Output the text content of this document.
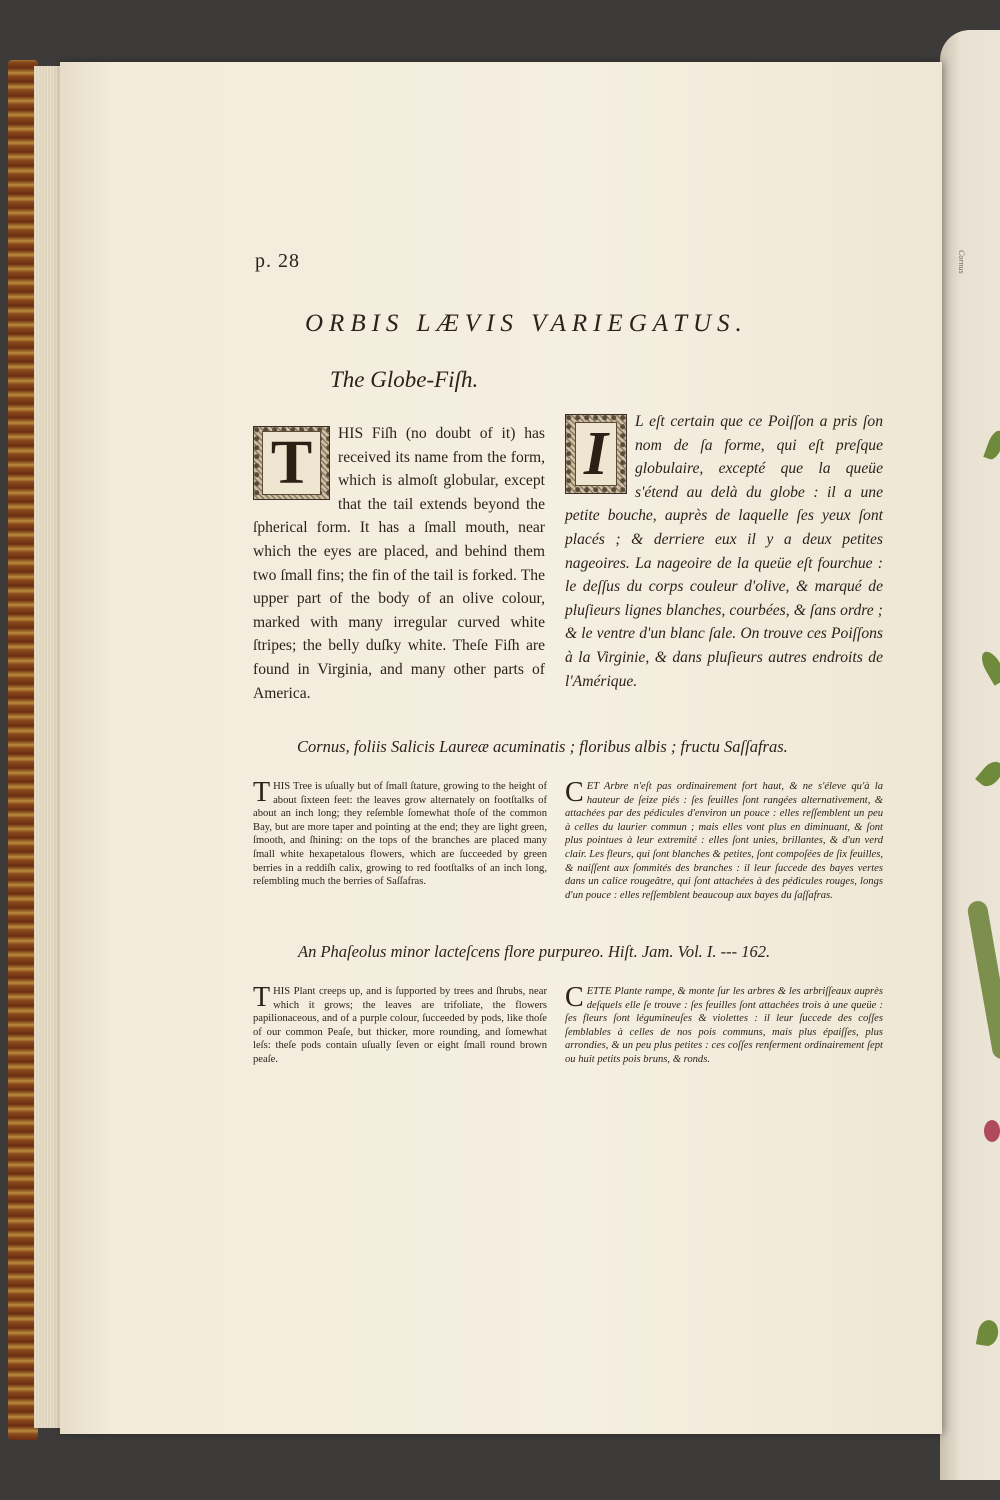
Cornus
p. 28
ORBIS LÆVIS VARIEGATUS.
The Globe-Fiſh.
T	HIS Fiſh (no doubt of it) has received its name from the form, which is almoſt globular, except that the tail extends beyond the ſpherical form. It has a ſmall mouth, near which the eyes are placed, and behind them two ſmall fins; the fin of the tail is forked. The upper part of the body of an olive colour, marked with many irregular curved white ſtripes; the belly duſky white. Theſe Fiſh are found in Virginia, and many other parts of America.
I	L eſt certain que ce Poiſſon a pris ſon nom de ſa forme, qui eſt preſque globulaire, excepté que la queüe s'étend au delà du globe : il a une petite bouche, auprès de laquelle ſes yeux ſont placés ; & derriere eux il y a deux petites nageoires. La nageoire de la queüe eſt fourchue : le deſſus du corps couleur d'olive, & marqué de pluſieurs lignes blanches, courbées, & ſans ordre ; & le ventre d'un blanc ſale. On trouve ces Poiſſons à la Virginie, & dans pluſieurs autres endroits de l'Amérique.
Cornus, foliis Salicis Laureæ acuminatis ; floribus albis ; fructu Saſſafras.
T HIS Tree is uſually but of ſmall ſtature, growing to the height of about ſixteen feet: the leaves grow alternately on footſtalks of about an inch long; they reſemble ſomewhat thoſe of the common Bay, but are more taper and pointing at the end; they are light green, ſmooth, and ſhining: on the tops of the branches are placed many ſmall white hexapetalous flowers, which are ſucceeded by green berries in a reddiſh calix, growing to red footſtalks of an inch long, reſembling much the berries of Saſſafras.
C ET Arbre n'eſt pas ordinairement fort haut, & ne s'éleve qu'à la hauteur de ſeize piés : ſes feuilles ſont rangées alternativement, & attachées par des pédicules d'environ un pouce : elles reſſemblent un peu à celles du laurier commun ; mais elles vont plus en diminuant, & ſont plus pointues à leur extremité : elles ſont unies, brillantes, & d'un verd clair. Les fleurs, qui ſont blanches & petites, ſont compoſées de ſix feuilles, & naiſſent aux ſommités des branches : il leur ſuccede des bayes vertes dans un calice rougeâtre, qui ſont attachées à des pédicules rouges, longs d'un pouce : elles reſſemblent beaucoup aux bayes du ſaſſafras.
An Phaſeolus minor lacteſcens flore purpureo. Hiſt. Jam. Vol. I. --- 162.
T HIS Plant creeps up, and is ſupported by trees and ſhrubs, near which it grows; the leaves are trifoliate, the flowers papilionaceous, and of a purple colour, ſucceeded by pods, like thoſe of our common Peaſe, but thicker, more rounding, and ſomewhat leſs: theſe pods contain uſually ſeven or eight ſmall round brown peaſe.
C ETTE Plante rampe, & monte ſur les arbres & les arbriſſeaux auprès deſquels elle ſe trouve : ſes feuilles ſont attachées trois à une queüe : ſes fleurs ſont légumineuſes & violettes : il leur ſuccede des coſſes ſemblables à celles de nos pois communs, mais plus épaiſſes, plus arrondies, & un peu plus petites : ces coſſes renferment ordinairement ſept ou huit petits pois bruns, & ronds.
